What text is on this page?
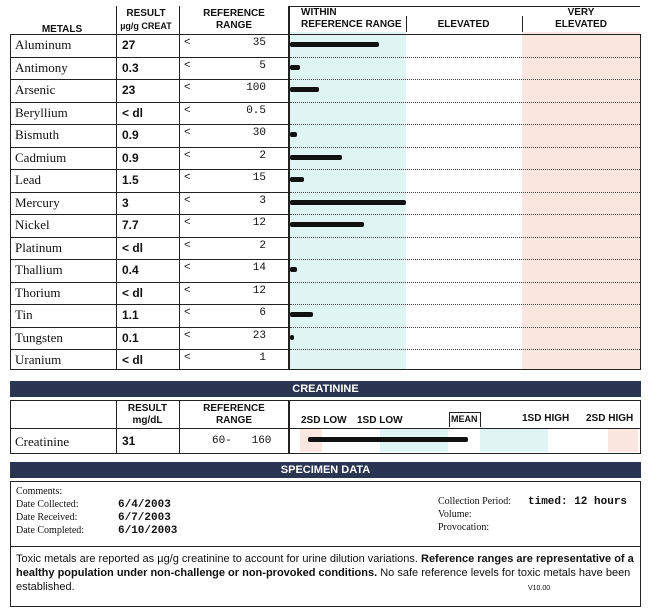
METALS
RESULT
µg/g CREAT
REFERENCE
RANGE
WITHIN
REFERENCE RANGE	ELEVATED
VERY
ELEVATED
Aluminum	27	<	35
Antimony	0.3	<	5
Arsenic	23	<	100
Beryllium	< dl	<	0.5
Bismuth	0.9	<	30
Cadmium	0.9	<	2
Lead	1.5	<	15
Mercury	3	<	3
Nickel	7.7	<	12
Platinum	< dl	<	2
Thallium	0.4	<	14
Thorium	< dl	<	12
Tin	1.1	<	6
Tungsten	0.1	<	23
Uranium	< dl	<	1
CREATININE
RESULT
mg/dL
REFERENCE
RANGE	2SD LOW 1SD LOW	MEAN	1SD HIGH 2SD HIGH
Creatinine	31	60-   160
SPECIMEN DATA
Comments:
Date Collected:	6/4/2003
Date Received:	6/7/2003
Date Completed:	6/10/2003
Collection Period: timed: 12 hours
Volume:
Provocation:
Toxic metals are reported as µg/g creatinine to account for urine dilution variations. Reference ranges are representative of a healthy population under non-challenge or non-provoked conditions. No safe reference levels for toxic metals have been established.	V10.00
